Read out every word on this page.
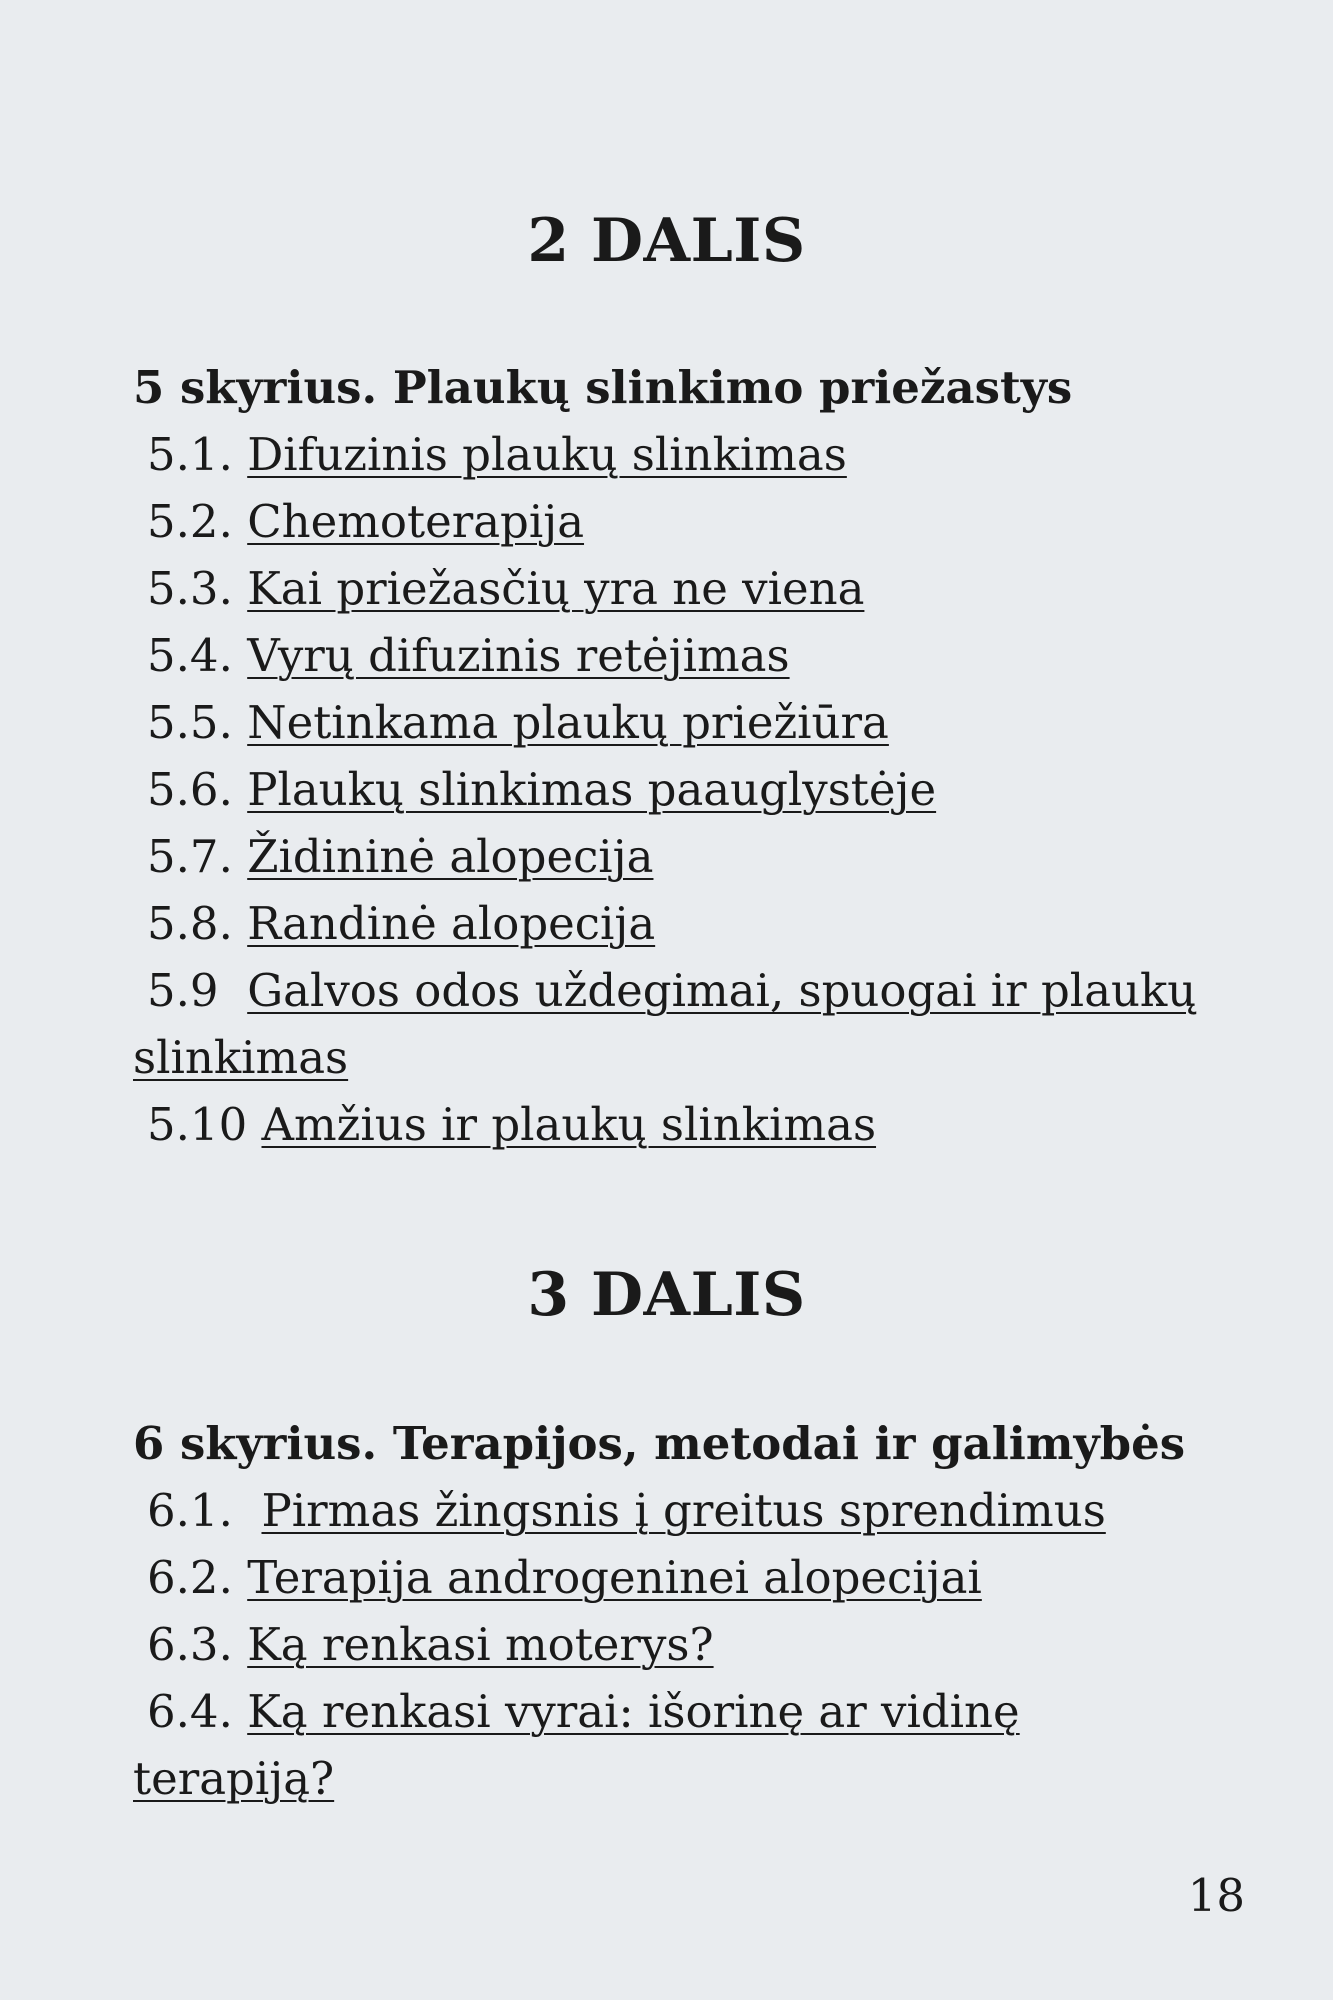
2 DALIS
5 skyrius. Plaukų slinkimo priežastys
5.1. Difuzinis plaukų slinkimas
5.2. Chemoterapija
5.3. Kai priežasčių yra ne viena
5.4. Vyrų difuzinis retėjimas
5.5. Netinkama plaukų priežiūra
5.6. Plaukų slinkimas paauglystėje
5.7. Židininė alopecija
5.8. Randinė alopecija
5.9  Galvos odos uždegimai, spuogai ir plaukų slinkimas
5.10 Amžius ir plaukų slinkimas
3 DALIS
6 skyrius. Terapijos, metodai ir galimybės
6.1.  Pirmas žingsnis į greitus sprendimus
6.2. Terapija androgeninei alopecijai
6.3. Ką renkasi moterys?
6.4. Ką renkasi vyrai: išorinę ar vidinę terapiją?

18
